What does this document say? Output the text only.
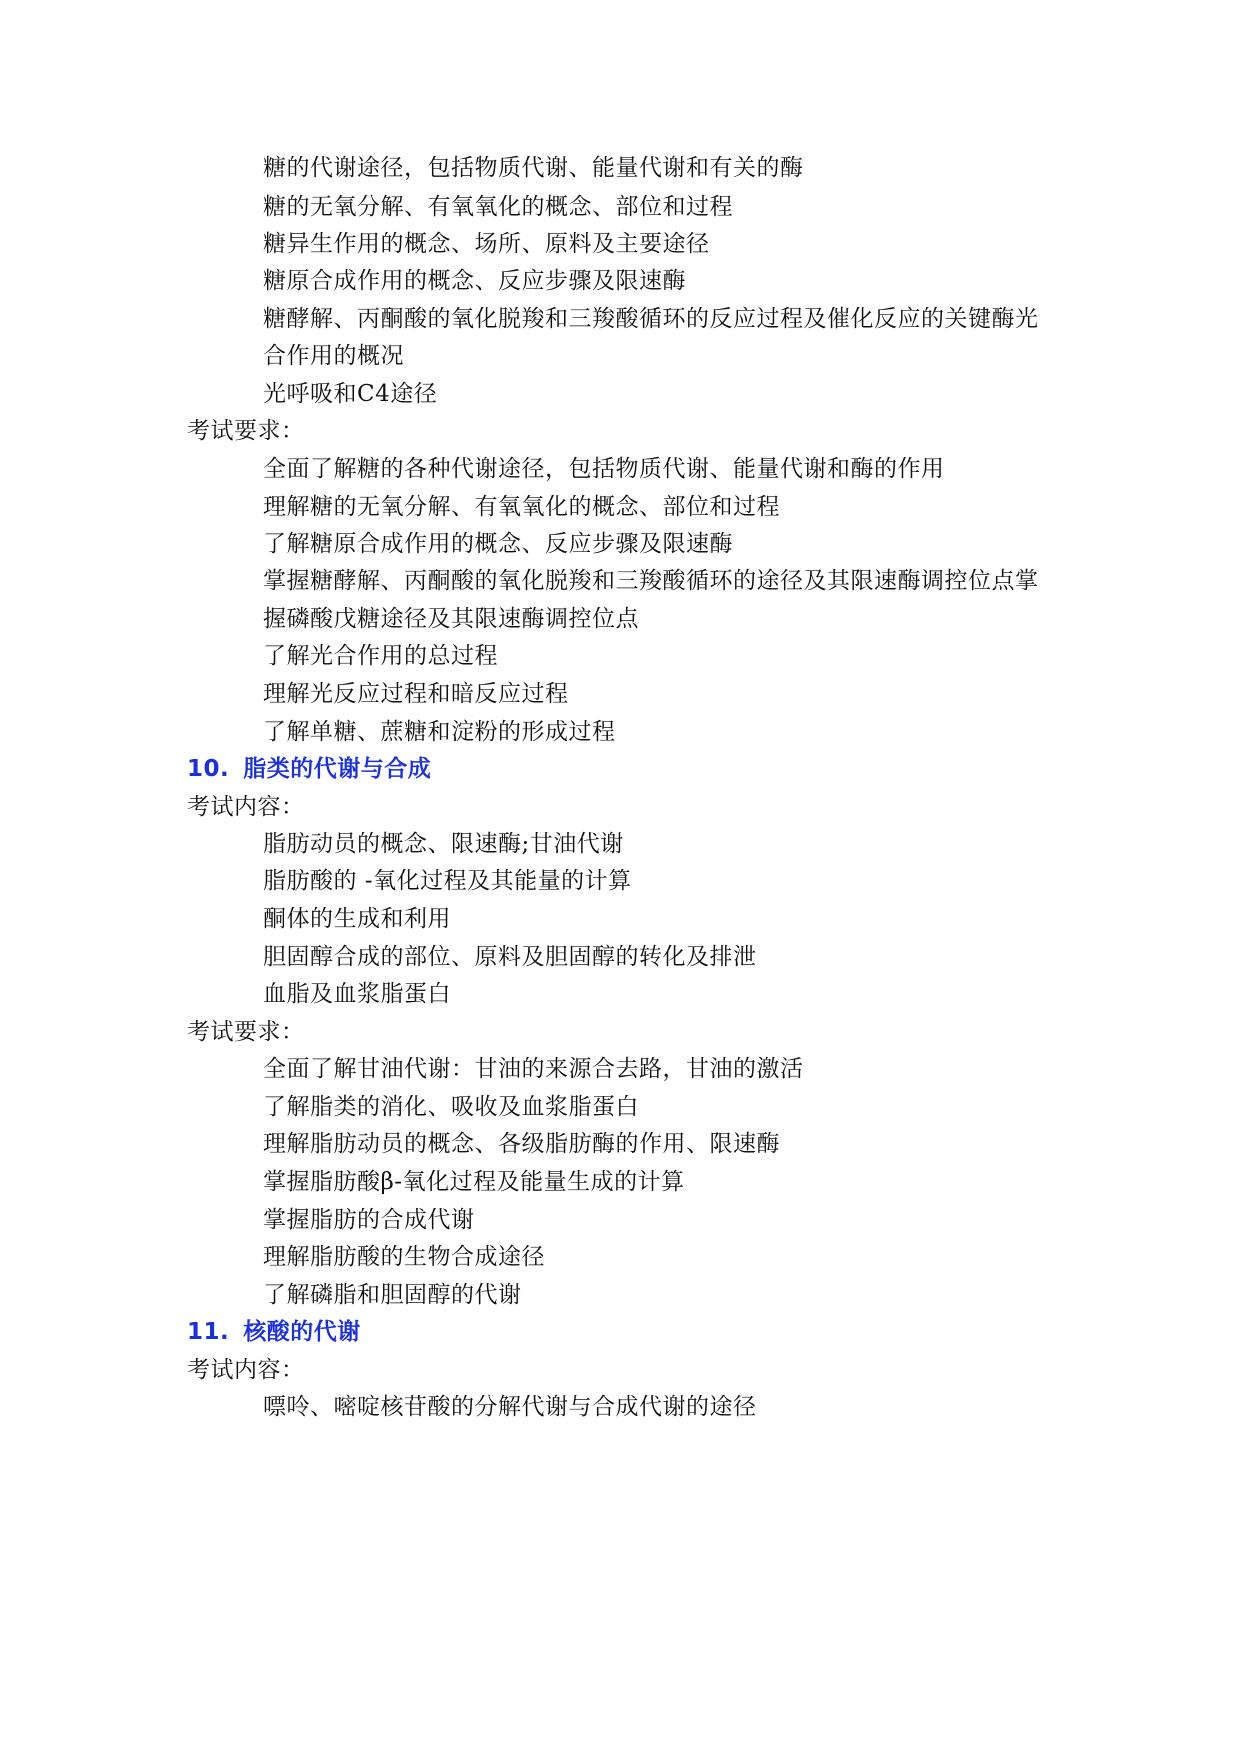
糖的代谢途径，包括物质代谢、能量代谢和有关的酶
糖的无氧分解、有氧氧化的概念、部位和过程
糖异生作用的概念、场所、原料及主要途径
糖原合成作用的概念、反应步骤及限速酶
糖酵解、丙酮酸的氧化脱羧和三羧酸循环的反应过程及催化反应的关键酶光
合作用的概况
光呼吸和C4途径
考试要求：
全面了解糖的各种代谢途径，包括物质代谢、能量代谢和酶的作用
理解糖的无氧分解、有氧氧化的概念、部位和过程
了解糖原合成作用的概念、反应步骤及限速酶
掌握糖酵解、丙酮酸的氧化脱羧和三羧酸循环的途径及其限速酶调控位点掌
握磷酸戊糖途径及其限速酶调控位点
了解光合作用的总过程
理解光反应过程和暗反应过程
了解单糖、蔗糖和淀粉的形成过程
10. 脂类的代谢与合成
考试内容：
脂肪动员的概念、限速酶;甘油代谢
脂肪酸的 -氧化过程及其能量的计算
酮体的生成和利用
胆固醇合成的部位、原料及胆固醇的转化及排泄
血脂及血浆脂蛋白
考试要求：
全面了解甘油代谢：甘油的来源合去路，甘油的激活
了解脂类的消化、吸收及血浆脂蛋白
理解脂肪动员的概念、各级脂肪酶的作用、限速酶
掌握脂肪酸β-氧化过程及能量生成的计算
掌握脂肪的合成代谢
理解脂肪酸的生物合成途径
了解磷脂和胆固醇的代谢
11. 核酸的代谢
考试内容：
嘌呤、嘧啶核苷酸的分解代谢与合成代谢的途径
